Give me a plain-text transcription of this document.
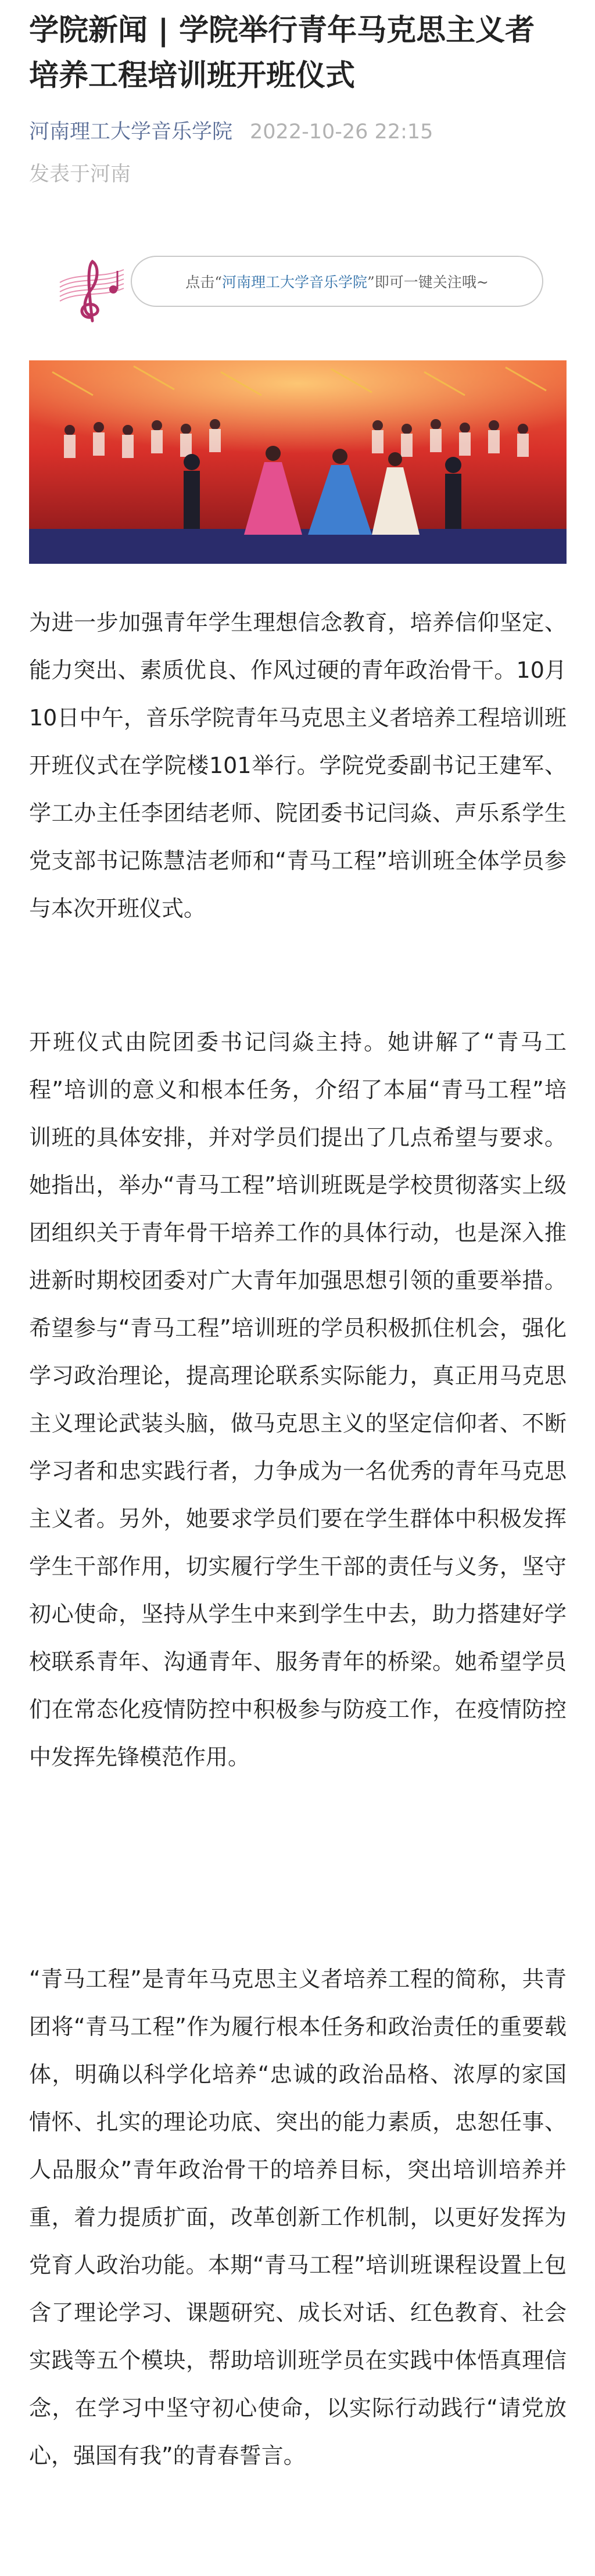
学院新闻 | 学院举行青年马克思主义者培养工程培训班开班仪式
河南理工大学音乐学院 2022-10-26 22:15
发表于河南
点击“河南理工大学音乐学院”即可一键关注哦~

为进一步加强青年学生理想信念教育，培养信仰坚定、能力突出、素质优良、作风过硬的青年政治骨干。10月10日中午，音乐学院青年马克思主义者培养工程培训班开班仪式在学院楼101举行。学院党委副书记王建军、学工办主任李团结老师、院团委书记闫焱、声乐系学生党支部书记陈慧洁老师和“青马工程”培训班全体学员参与本次开班仪式。

开班仪式由院团委书记闫焱主持。她讲解了“青马工程”培训的意义和根本任务，介绍了本届“青马工程”培训班的具体安排，并对学员们提出了几点希望与要求。她指出，举办“青马工程”培训班既是学校贯彻落实上级团组织关于青年骨干培养工作的具体行动，也是深入推进新时期校团委对广大青年加强思想引领的重要举措。希望参与“青马工程”培训班的学员积极抓住机会，强化学习政治理论，提高理论联系实际能力，真正用马克思主义理论武装头脑，做马克思主义的坚定信仰者、不断学习者和忠实践行者，力争成为一名优秀的青年马克思主义者。另外，她要求学员们要在学生群体中积极发挥学生干部作用，切实履行学生干部的责任与义务，坚守初心使命，坚持从学生中来到学生中去，助力搭建好学校联系青年、沟通青年、服务青年的桥梁。她希望学员们在常态化疫情防控中积极参与防疫工作，在疫情防控中发挥先锋模范作用。

“青马工程”是青年马克思主义者培养工程的简称，共青团将“青马工程”作为履行根本任务和政治责任的重要载体，明确以科学化培养“忠诚的政治品格、浓厚的家国情怀、扎实的理论功底、突出的能力素质，忠恕任事、人品服众”青年政治骨干的培养目标，突出培训培养并重，着力提质扩面，改革创新工作机制，以更好发挥为党育人政治功能。本期“青马工程”培训班课程设置上包含了理论学习、课题研究、成长对话、红色教育、社会实践等五个模块，帮助培训班学员在实践中体悟真理信念，在学习中坚守初心使命，以实际行动践行“请党放心，强国有我”的青春誓言。
